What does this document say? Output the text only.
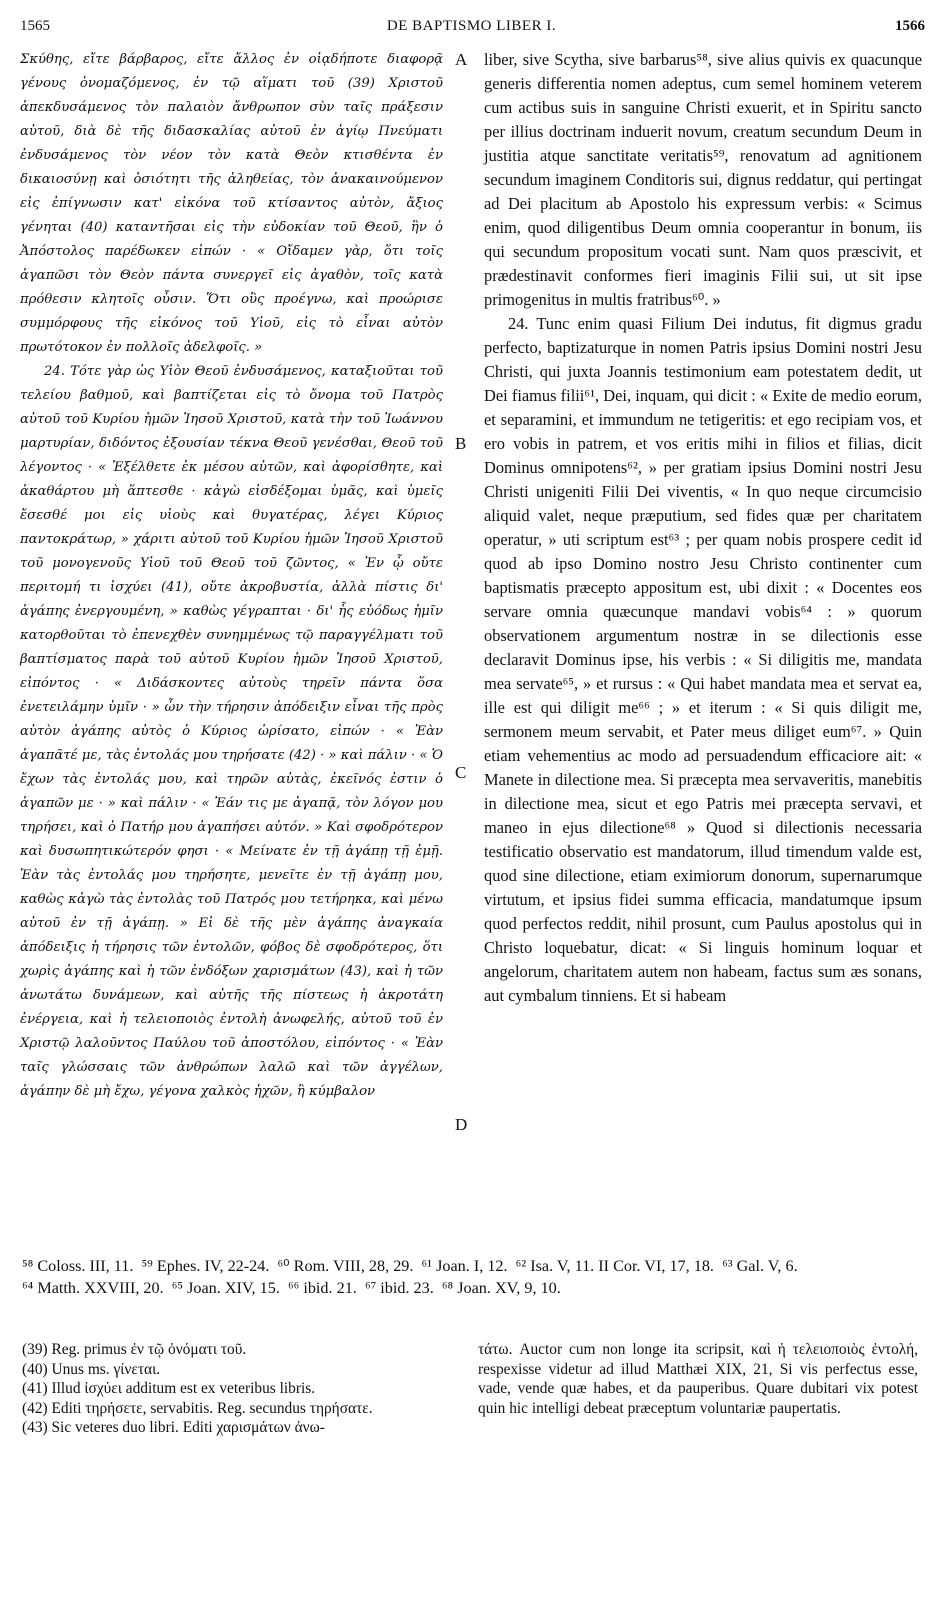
1565	DE BAPTISMO LIBER I.	1566

Σκύθης, εἴτε βάρβαρος, εἴτε ἄλλος ἐν οἱᾳδήποτε διαφορᾷ γένους ὀνομαζόμενος, ἐν τῷ αἵματι τοῦ (39) Χριστοῦ ἀπεκδυσάμενος τὸν παλαιὸν ἄνθρωπον σὺν ταῖς πράξεσιν αὐτοῦ, διὰ δὲ τῆς διδασκαλίας αὐτοῦ ἐν ἁγίῳ Πνεύματι ἐνδυσάμενος τὸν νέον τὸν κατὰ Θεὸν κτισθέντα ἐν δικαιοσύνῃ καὶ ὁσιότητι τῆς ἀληθείας, τὸν ἀνακαινούμενον εἰς ἐπίγνωσιν κατ' εἰκόνα τοῦ κτίσαντος αὐτὸν, ἄξιος γένηται (40) καταντῆσαι εἰς τὴν εὐδοκίαν τοῦ Θεοῦ, ἣν ὁ Ἀπόστολος παρέδωκεν εἰπών · « Οἴδαμεν γὰρ, ὅτι τοῖς ἀγαπῶσι τὸν Θεὸν πάντα συνεργεῖ εἰς ἀγαθὸν, τοῖς κατὰ πρόθεσιν κλητοῖς οὖσιν. Ὅτι οὓς προέγνω, καὶ προώρισε συμμόρφους τῆς εἰκόνος τοῦ Υἱοῦ, εἰς τὸ εἶναι αὐτὸν πρωτότοκον ἐν πολλοῖς ἀδελφοῖς. »

24. Τότε γὰρ ὡς Υἱὸν Θεοῦ ἐνδυσάμενος, καταξιοῦται τοῦ τελείου βαθμοῦ, καὶ βαπτίζεται εἰς τὸ ὄνομα τοῦ Πατρὸς αὐτοῦ τοῦ Κυρίου ἡμῶν Ἰησοῦ Χριστοῦ, κατὰ τὴν τοῦ Ἰωάννου μαρτυρίαν, διδόντος ἐξουσίαν τέκνα Θεοῦ γενέσθαι, Θεοῦ τοῦ λέγοντος · « Ἐξέλθετε ἐκ μέσου αὐτῶν, καὶ ἀφορίσθητε, καὶ ἀκαθάρτου μὴ ἅπτεσθε · κἀγὼ εἰσδέξομαι ὑμᾶς, καὶ ὑμεῖς ἔσεσθέ μοι εἰς υἱοὺς καὶ θυγατέρας, λέγει Κύριος παντοκράτωρ, » χάριτι αὐτοῦ τοῦ Κυρίου ἡμῶν Ἰησοῦ Χριστοῦ τοῦ μονογενοῦς Υἱοῦ τοῦ Θεοῦ τοῦ ζῶντος, « Ἐν ᾧ οὔτε περιτομή τι ἰσχύει (41), οὔτε ἀκροβυστία, ἀλλὰ πίστις δι' ἀγάπης ἐνεργουμένη, » καθὼς γέγραπται · δι' ἧς εὐόδως ἡμῖν κατορθοῦται τὸ ἐπενεχθὲν συνημμένως τῷ παραγγέλματι τοῦ βαπτίσματος παρὰ τοῦ αὐτοῦ Κυρίου ἡμῶν Ἰησοῦ Χριστοῦ, εἰπόντος · « Διδάσκοντες αὐτοὺς τηρεῖν πάντα ὅσα ἐνετειλάμην ὑμῖν · » ὧν τὴν τήρησιν ἀπόδειξιν εἶναι τῆς πρὸς αὐτὸν ἀγάπης αὐτὸς ὁ Κύριος ὡρίσατο, εἰπών · « Ἐὰν ἀγαπᾶτέ με, τὰς ἐντολάς μου τηρήσατε (42) · » καὶ πάλιν · « Ὁ ἔχων τὰς ἐντολάς μου, καὶ τηρῶν αὐτὰς, ἐκεῖνός ἐστιν ὁ ἀγαπῶν με · » καὶ πάλιν · « Ἐάν τις με ἀγαπᾷ, τὸν λόγον μου τηρήσει, καὶ ὁ Πατήρ μου ἀγαπήσει αὐτόν. » Καὶ σφοδρότερον καὶ δυσωπητικώτερόν φησι · « Μείνατε ἐν τῇ ἀγάπῃ τῇ ἐμῇ. Ἐὰν τὰς ἐντολάς μου τηρήσητε, μενεῖτε ἐν τῇ ἀγάπῃ μου, καθὼς κἀγὼ τὰς ἐντολὰς τοῦ Πατρός μου τετήρηκα, καὶ μένω αὐτοῦ ἐν τῇ ἀγάπῃ. » Εἰ δὲ τῆς μὲν ἀγάπης ἀναγκαία ἀπόδειξις ἡ τήρησις τῶν ἐντολῶν, φόβος δὲ σφοδρότερος, ὅτι χωρὶς ἀγάπης καὶ ἡ τῶν ἐνδόξων χαρισμάτων (43), καὶ ἡ τῶν ἀνωτάτω δυνάμεων, καὶ αὐτῆς τῆς πίστεως ἡ ἀκροτάτη ἐνέργεια, καὶ ἡ τελειοποιὸς ἐντολὴ ἀνωφελής, αὐτοῦ τοῦ ἐν Χριστῷ λαλοῦντος Παύλου τοῦ ἀποστόλου, εἰπόντος · « Ἐὰν ταῖς γλώσσαις τῶν ἀνθρώπων λαλῶ καὶ τῶν ἀγγέλων, ἀγάπην δὲ μὴ ἔχω, γέγονα χαλκὸς ἠχῶν, ἢ κύμβαλον

A
B
C
D

liber, sive Scytha, sive barbarus⁵⁸, sive alius quivis ex quacunque generis differentia nomen adeptus, cum semel hominem veterem cum actibus suis in sanguine Christi exuerit, et in Spiritu sancto per illius doctrinam induerit novum, creatum secundum Deum in justitia atque sanctitate veritatis⁵⁹, renovatum ad agnitionem secundum imaginem Conditoris sui, dignus reddatur, qui pertingat ad Dei placitum ab Apostolo his expressum verbis: « Scimus enim, quod diligentibus Deum omnia cooperantur in bonum, iis qui secundum propositum vocati sunt. Nam quos præscivit, et prædestinavit conformes fieri imaginis Filii sui, ut sit ipse primogenitus in multis fratribus⁶⁰. »

24. Tunc enim quasi Filium Dei indutus, fit digmus gradu perfecto, baptizaturque in nomen Patris ipsius Domini nostri Jesu Christi, qui juxta Joannis testimonium eam potestatem dedit, ut Dei fiamus filii⁶¹, Dei, inquam, qui dicit : « Exite de medio eorum, et separamini, et immundum ne tetigeritis: et ego recipiam vos, et ero vobis in patrem, et vos eritis mihi in filios et filias, dicit Dominus omnipotens⁶², » per gratiam ipsius Domini nostri Jesu Christi unigeniti Filii Dei viventis, « In quo neque circumcisio aliquid valet, neque præputium, sed fides quæ per charitatem operatur, » uti scriptum est⁶³ ; per quam nobis prospere cedit id quod ab ipso Domino nostro Jesu Christo continenter cum baptismatis præcepto appositum est, ubi dixit : « Docentes eos servare omnia quæcunque mandavi vobis⁶⁴ : » quorum observationem argumentum nostræ in se dilectionis esse declaravit Dominus ipse, his verbis : « Si diligitis me, mandata mea servate⁶⁵, » et rursus : « Qui habet mandata mea et servat ea, ille est qui diligit me⁶⁶ ; » et iterum : « Si quis diligit me, sermonem meum servabit, et Pater meus diliget eum⁶⁷. » Quin etiam vehementius ac modo ad persuadendum efficaciore ait: « Manete in dilectione mea. Si præcepta mea servaveritis, manebitis in dilectione mea, sicut et ego Patris mei præcepta servavi, et maneo in ejus dilectione⁶⁸ » Quod si dilectionis necessaria testificatio observatio est mandatorum, illud timendum valde est, quod sine dilectione, etiam eximiorum donorum, supernarumque virtutum, et ipsius fidei summa efficacia, mandatumque ipsum quod perfectos reddit, nihil prosunt, cum Paulus apostolus qui in Christo loquebatur, dicat: « Si linguis hominum loquar et angelorum, charitatem autem non habeam, factus sum æs sonans, aut cymbalum tinniens. Et si habeam

⁵⁸ Coloss. III, 11. ⁵⁹ Ephes. IV, 22-24. ⁶⁰ Rom. VIII, 28, 29. ⁶¹ Joan. I, 12. ⁶² Isa. V, 11. II Cor. VI, 17, 18. ⁶³ Gal. V, 6.  ⁶⁴ Matth. XXVIII, 20. ⁶⁵ Joan. XIV, 15. ⁶⁶ ibid. 21. ⁶⁷ ibid. 23. ⁶⁸ Joan. XV, 9, 10.

(39) Reg. primus ἐν τῷ ὀνόματι τοῦ.

(40) Unus ms. γίνεται.

(41) Illud ἰσχύει additum est ex veteribus libris.

(42) Editi τηρήσετε, servabitis. Reg. secundus τηρήσατε.

(43) Sic veteres duo libri. Editi χαρισμάτων ἀνω-

τάτω. Auctor cum non longe ita scripsit, καὶ ἡ τελειοποιὸς ἐντολή, respexisse videtur ad illud Matthæi XIX, 21, Si vis perfectus esse, vade, vende quæ habes, et da pauperibus. Quare dubitari vix potest quin hic intelligi debeat præceptum voluntariæ paupertatis.
